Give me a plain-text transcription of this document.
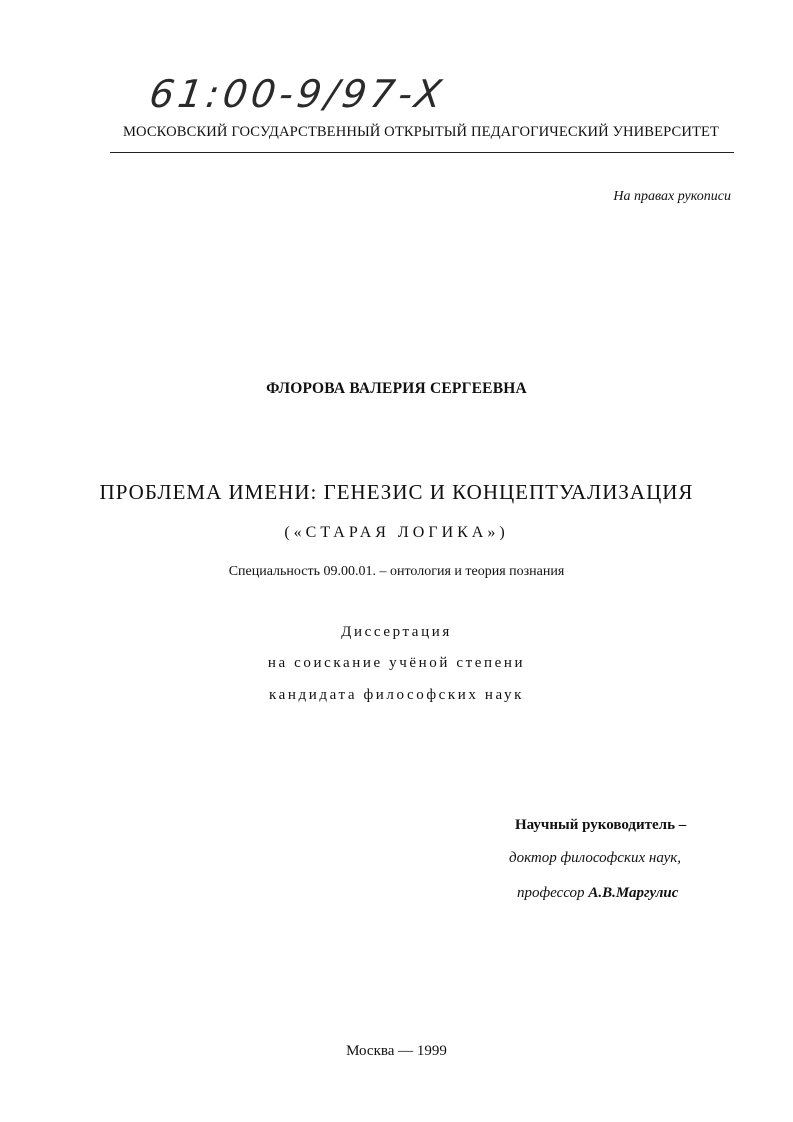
61:00-9/97-X
МОСКОВСКИЙ ГОСУДАРСТВЕННЫЙ ОТКРЫТЫЙ ПЕДАГОГИЧЕСКИЙ УНИВЕРСИТЕТ
На правах рукописи
ФЛОРОВА ВАЛЕРИЯ СЕРГЕЕВНА
ПРОБЛЕМА ИМЕНИ: ГЕНЕЗИС И КОНЦЕПТУАЛИЗАЦИЯ
(«СТАРАЯ ЛОГИКА»)
Специальность 09.00.01. – онтология и теория познания
Диссертация
на соискание учёной степени
кандидата философских наук
Научный руководитель –
доктор философских наук,
профессор А.В.Маргулис
Москва — 1999
